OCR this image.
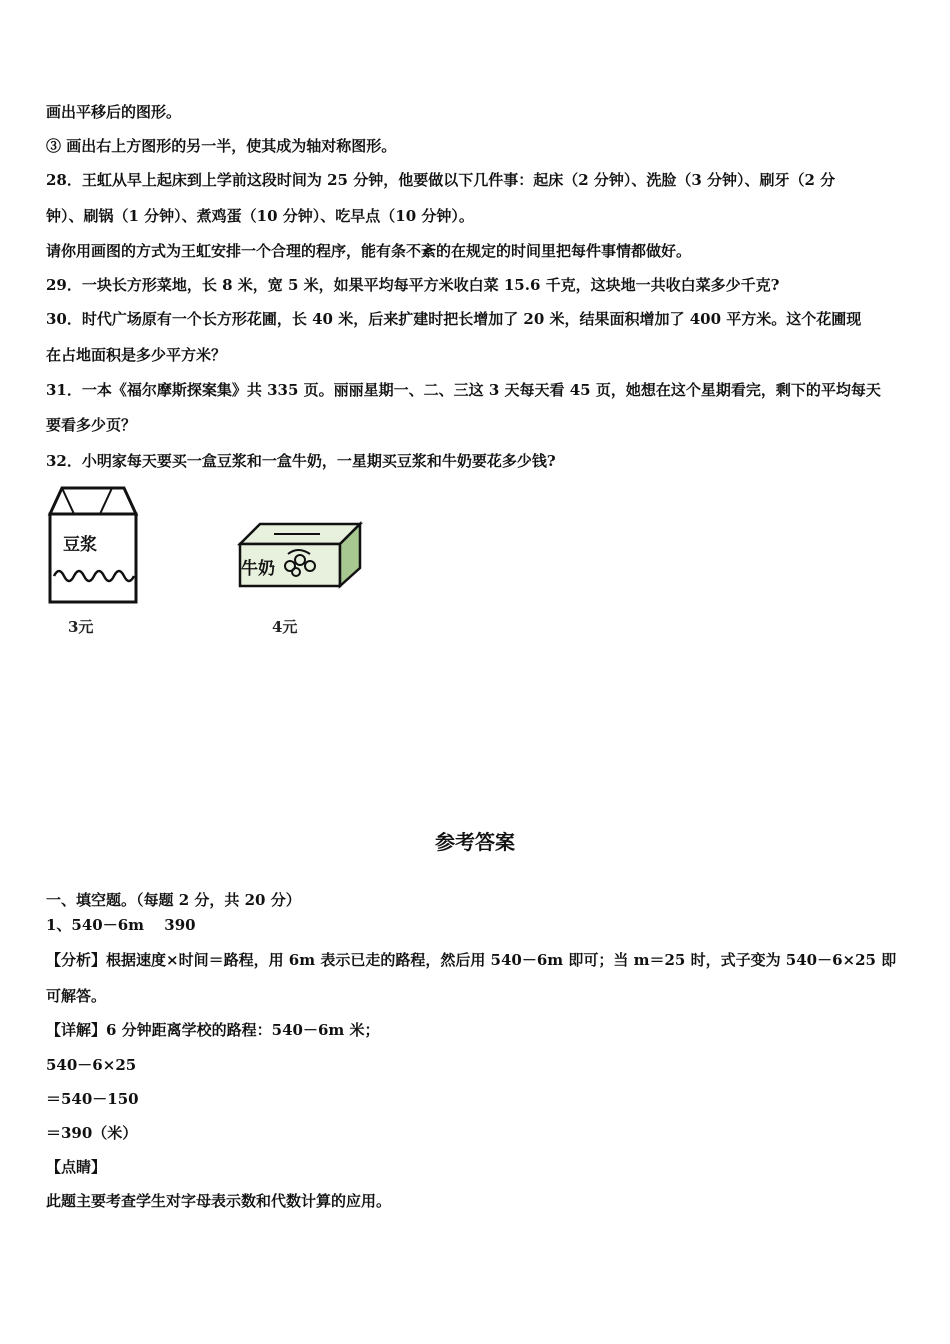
画出平移后的图形。
③ 画出右上方图形的另一半，使其成为轴对称图形。
28．王虹从早上起床到上学前这段时间为 25 分钟，他要做以下几件事：起床（2 分钟）、洗脸（3 分钟）、刷牙（2 分
钟）、刷锅（1 分钟）、煮鸡蛋（10 分钟）、吃早点（10 分钟）。
请你用画图的方式为王虹安排一个合理的程序，能有条不紊的在规定的时间里把每件事情都做好。
29．一块长方形菜地，长 8 米，宽 5 米，如果平均每平方米收白菜 15.6 千克，这块地一共收白菜多少千克?
30．时代广场原有一个长方形花圃，长 40 米，后来扩建时把长增加了 20 米，结果面积增加了 400 平方米。这个花圃现
在占地面积是多少平方米？
31．一本《福尔摩斯探案集》共 335 页。丽丽星期一、二、三这 3 天每天看 45 页，她想在这个星期看完，剩下的平均每天
要看多少页？
32．小明家每天要买一盒豆浆和一盒牛奶，一星期买豆浆和牛奶要花多少钱?
豆浆
3元
牛奶
4元
参考答案
一、填空题。（每题 2 分，共 20 分）
1、540－6m　 390
【分析】根据速度×时间＝路程，用 6m 表示已走的路程，然后用 540－6m 即可；当 m＝25 时，式子变为 540－6×25 即
可解答。
【详解】6 分钟距离学校的路程：540－6m 米；
540－6×25
＝540－150
＝390（米）
【点睛】
此题主要考查学生对字母表示数和代数计算的应用。
